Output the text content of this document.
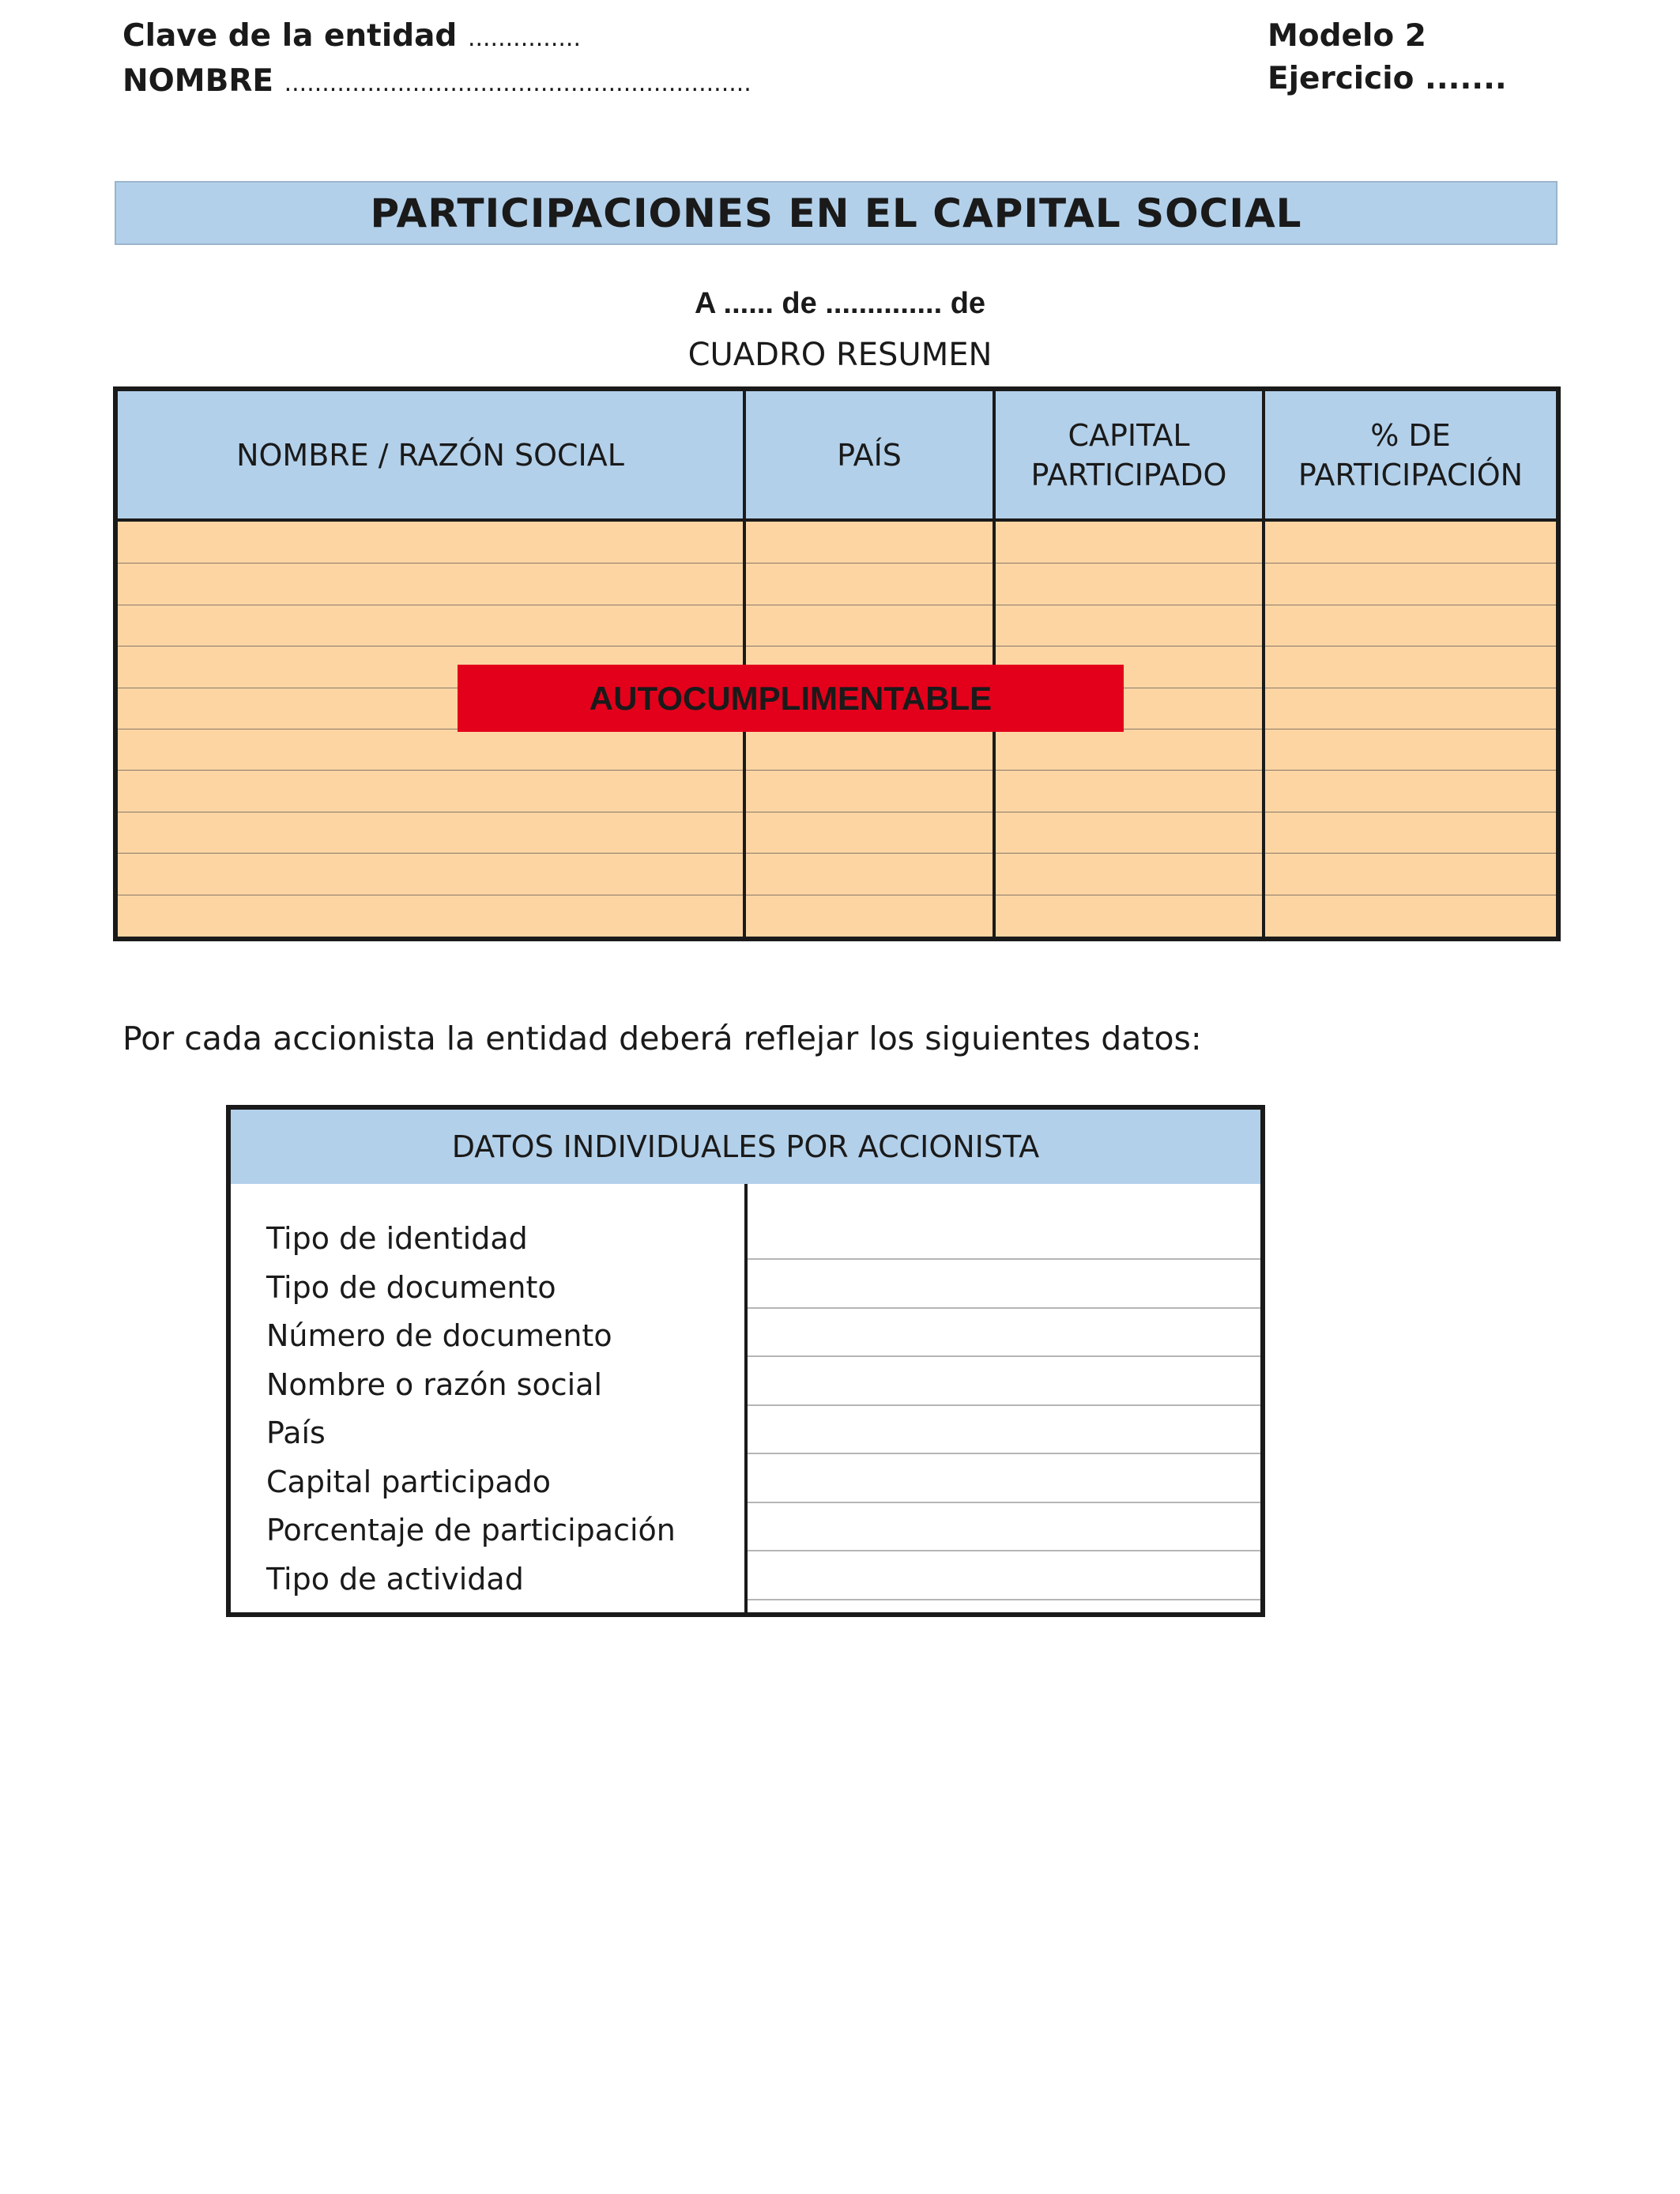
Clave de la entidad ...............
NOMBRE ..............................................................
Modelo 2
Ejercicio .......
PARTICIPACIONES EN EL CAPITAL SOCIAL
A ...... de .............. de
CUADRO RESUMEN
NOMBRE / RAZÓN SOCIAL	PAÍS
CAPITAL
PARTICIPADO
% DE
PARTICIPACIÓN
AUTOCUMPLIMENTABLE
Por cada accionista la entidad deberá reflejar los siguientes datos:
DATOS INDIVIDUALES POR ACCIONISTA
Tipo de identidad
Tipo de documento
Número de documento
Nombre o razón social
País
Capital participado
Porcentaje de participación
Tipo de actividad
